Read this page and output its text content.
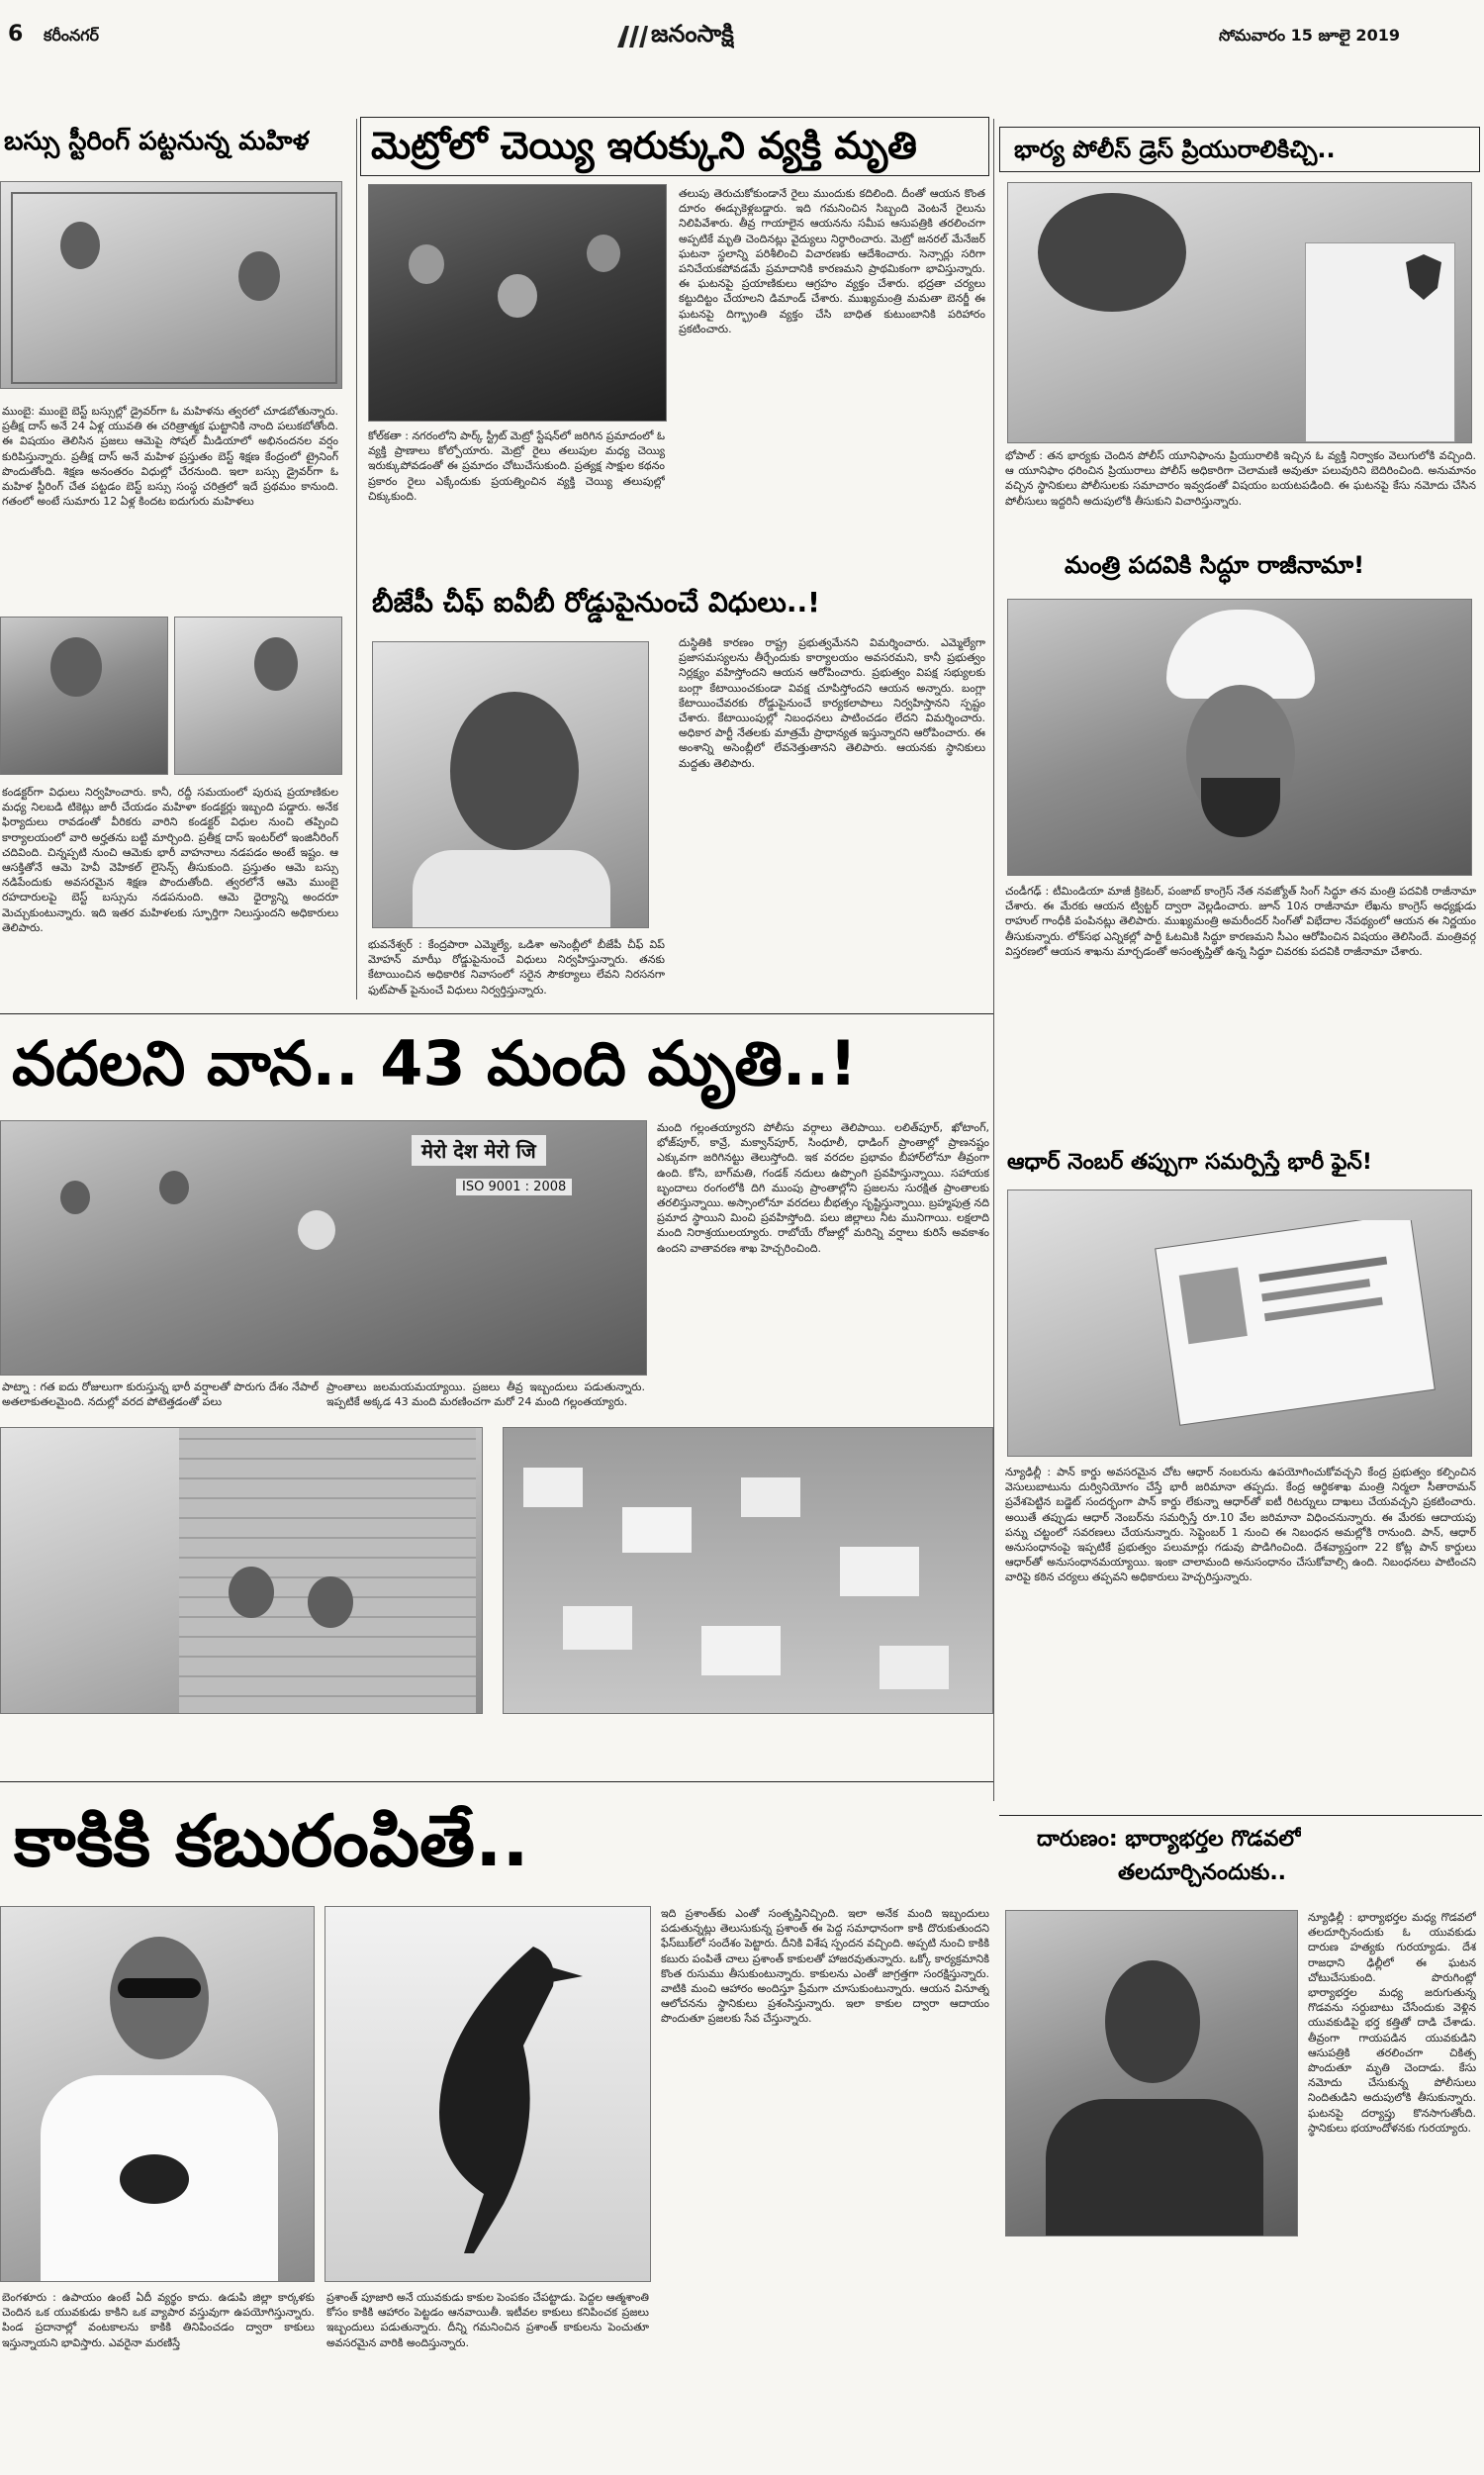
6 కరీంనగర్	జనంసాక్షి	సోమవారం 15 జూలై 2019
బస్సు స్టీరింగ్ పట్టనున్న మహిళ
ముంబై: ముంబై బెస్ట్ బస్సుల్లో డ్రైవర్‌గా ఓ మహిళను త్వరలో చూడబోతున్నారు. ప్రతీక్ష దాస్ అనే 24 ఏళ్ల యువతి ఈ చరిత్రాత్మక ఘట్టానికి నాంది పలుకబోతోంది. ఈ విషయం తెలిసిన ప్రజలు ఆమెపై సోషల్ మీడియాలో అభినందనల వర్షం కురిపిస్తున్నారు. ప్రతీక్ష దాస్ అనే మహిళ ప్రస్తుతం బెస్ట్ శిక్షణ కేంద్రంలో ట్రైనింగ్ పొందుతోంది. శిక్షణ అనంతరం విధుల్లో చేరనుంది. ఇలా బస్సు డ్రైవర్‌గా ఓ మహిళ స్టీరింగ్ చేత పట్టడం బెస్ట్ బస్సు సంస్థ చరిత్రలో ఇదే ప్రథమం కానుంది. గతంలో అంటే సుమారు 12 ఏళ్ల కిందట ఐదుగురు మహిళలు
కండక్టర్‌గా విధులు నిర్వహించారు. కానీ, రద్దీ సమయంలో పురుష ప్రయాణికుల మధ్య నిలబడి టికెట్లు జారీ చేయడం మహిళా కండక్టర్లు ఇబ్బంది పడ్డారు. అనేక ఫిర్యాదులు రావడంతో వీరికరు వారిని కండక్టర్ విధుల నుంచి తప్పించి కార్యాలయంలో వారి అర్హతను బట్టి మార్చింది. ప్రతీక్ష దాస్ ఇంటర్‌లో ఇంజినీరింగ్ చదివింది. చిన్నప్పటి నుంచి ఆమెకు భారీ వాహనాలు నడపడం అంటే ఇష్టం. ఆ ఆసక్తితోనే ఆమె హెవీ వెహికల్ లైసెన్స్ తీసుకుంది. ప్రస్తుతం ఆమె బస్సు నడిపేందుకు అవసరమైన శిక్షణ పొందుతోంది. త్వరలోనే ఆమె ముంబై రహదారులపై బెస్ట్ బస్సును నడపనుంది. ఆమె ధైర్యాన్ని అందరూ మెచ్చుకుంటున్నారు. ఇది ఇతర మహిళలకు స్ఫూర్తిగా నిలుస్తుందని అధికారులు తెలిపారు.
మెట్రోలో చెయ్యి ఇరుక్కుని వ్యక్తి మృతి
కోల్‌కతా : నగరంలోని పార్క్ స్ట్రీట్ మెట్రో స్టేషన్‌లో జరిగిన ప్రమాదంలో ఓ వ్యక్తి ప్రాణాలు కోల్పోయారు. మెట్రో రైలు తలుపుల మధ్య చెయ్యి ఇరుక్కుపోవడంతో ఈ ప్రమాదం చోటుచేసుకుంది. ప్రత్యక్ష సాక్షుల కథనం ప్రకారం రైలు ఎక్కేందుకు ప్రయత్నించిన వ్యక్తి చెయ్యి తలుపుల్లో చిక్కుకుంది.
తలుపు తెరుచుకోకుండానే రైలు ముందుకు కదిలింది. దీంతో ఆయన కొంత దూరం ఈడ్చుకెళ్లబడ్డారు. ఇది గమనించిన సిబ్బంది వెంటనే రైలును నిలిపివేశారు. తీవ్ర గాయాలైన ఆయనను సమీప ఆసుపత్రికి తరలించగా అప్పటికే మృతి చెందినట్లు వైద్యులు నిర్ధారించారు. మెట్రో జనరల్ మేనేజర్ ఘటనా స్థలాన్ని పరిశీలించి విచారణకు ఆదేశించారు. సెన్సార్లు సరిగా పనిచేయకపోవడమే ప్రమాదానికి కారణమని ప్రాథమికంగా భావిస్తున్నారు. ఈ ఘటనపై ప్రయాణికులు ఆగ్రహం వ్యక్తం చేశారు. భద్రతా చర్యలు కట్టుదిట్టం చేయాలని డిమాండ్ చేశారు. ముఖ్యమంత్రి మమతా బెనర్జీ ఈ ఘటనపై దిగ్భ్రాంతి వ్యక్తం చేసి బాధిత కుటుంబానికి పరిహారం ప్రకటించారు.
బీజేపీ చీఫ్ ఐవీబీ రోడ్డుపైనుంచే విధులు..!
భువనేశ్వర్ : కేంద్రపారా ఎమ్మెల్యే, ఒడిశా అసెంబ్లీలో బీజేపీ చీఫ్ విప్ మోహన్ మాఝీ రోడ్డుపైనుంచే విధులు నిర్వహిస్తున్నారు. తనకు కేటాయించిన అధికారిక నివాసంలో సరైన సౌకర్యాలు లేవని నిరసనగా ఫుట్‌పాత్ పైనుంచే విధులు నిర్వర్తిస్తున్నారు.
దుస్థితికి కారణం రాష్ట్ర ప్రభుత్వమేనని విమర్శించారు. ఎమ్మెల్యేగా ప్రజాసమస్యలను తీర్చేందుకు కార్యాలయం అవసరమని, కానీ ప్రభుత్వం నిర్లక్ష్యం వహిస్తోందని ఆయన ఆరోపించారు. ప్రభుత్వం విపక్ష సభ్యులకు బంగ్లా కేటాయించకుండా వివక్ష చూపిస్తోందని ఆయన అన్నారు. బంగ్లా కేటాయించేవరకు రోడ్డుపైనుంచే కార్యకలాపాలు నిర్వహిస్తానని స్పష్టం చేశారు. కేటాయింపుల్లో నిబంధనలు పాటించడం లేదని విమర్శించారు. అధికార పార్టీ నేతలకు మాత్రమే ప్రాధాన్యత ఇస్తున్నారని ఆరోపించారు. ఈ అంశాన్ని అసెంబ్లీలో లేవనెత్తుతానని తెలిపారు. ఆయనకు స్థానికులు మద్దతు తెలిపారు.
భార్య పోలీస్ డ్రెస్ ప్రియురాలికిచ్చి..
భోపాల్ : తన భార్యకు చెందిన పోలీస్ యూనిఫాంను ప్రియురాలికి ఇచ్చిన ఓ వ్యక్తి నిర్వాకం వెలుగులోకి వచ్చింది. ఆ యూనిఫాం ధరించిన ప్రియురాలు పోలీస్ అధికారిగా చెలామణి అవుతూ పలువురిని బెదిరించింది. అనుమానం వచ్చిన స్థానికులు పోలీసులకు సమాచారం ఇవ్వడంతో విషయం బయటపడింది. ఈ ఘటనపై కేసు నమోదు చేసిన పోలీసులు ఇద్దరినీ అదుపులోకి తీసుకుని విచారిస్తున్నారు.
మంత్రి పదవికి సిద్ధూ రాజీనామా!
చండీగఢ్ : టీమిండియా మాజీ క్రికెటర్, పంజాబ్ కాంగ్రెస్ నేత నవజ్యోత్ సింగ్ సిద్ధూ తన మంత్రి పదవికి రాజీనామా చేశారు. ఈ మేరకు ఆయన ట్విట్టర్ ద్వారా వెల్లడించారు. జూన్ 10న రాజీనామా లేఖను కాంగ్రెస్ అధ్యక్షుడు రాహుల్ గాంధీకి పంపినట్లు తెలిపారు. ముఖ్యమంత్రి అమరీందర్ సింగ్‌తో విభేదాల నేపథ్యంలో ఆయన ఈ నిర్ణయం తీసుకున్నారు. లోక్‌సభ ఎన్నికల్లో పార్టీ ఓటమికి సిద్ధూ కారణమని సీఎం ఆరోపించిన విషయం తెలిసిందే. మంత్రివర్గ విస్తరణలో ఆయన శాఖను మార్చడంతో అసంతృప్తితో ఉన్న సిద్ధూ చివరకు పదవికి రాజీనామా చేశారు.
వదలని వాన.. 43 మంది మృతి..!
मेरो देश मेरो जि
ISO 9001 : 2008
పాట్నా : గత ఐదు రోజులుగా కురుస్తున్న భారీ వర్షాలతో పొరుగు దేశం నేపాల్ అతలాకుతలమైంది. నదుల్లో వరద పోటెత్తడంతో పలు
ప్రాంతాలు జలమయమయ్యాయి. ప్రజలు తీవ్ర ఇబ్బందులు పడుతున్నారు. ఇప్పటికే అక్కడ 43 మంది మరణించగా మరో 24 మంది గల్లంతయ్యారు.
మంది గల్లంతయ్యారని పోలీసు వర్గాలు తెలిపాయి. లలిత్‌పూర్, ఖోటాంగ్, భోజ్‌పూర్, కావ్రే, మక్వాన్‌పూర్, సింధూలీ, ధాడింగ్ ప్రాంతాల్లో ప్రాణనష్టం ఎక్కువగా జరిగినట్టు తెలుస్తోంది. ఇక వరదల ప్రభావం బీహార్‌లోనూ తీవ్రంగా ఉంది. కోసి, బాగ్‌మతి, గండక్ నదులు ఉప్పొంగి ప్రవహిస్తున్నాయి. సహాయక బృందాలు రంగంలోకి దిగి ముంపు ప్రాంతాల్లోని ప్రజలను సురక్షిత ప్రాంతాలకు తరలిస్తున్నాయి. అస్సాంలోనూ వరదలు బీభత్సం సృష్టిస్తున్నాయి. బ్రహ్మపుత్ర నది ప్రమాద స్థాయిని మించి ప్రవహిస్తోంది. పలు జిల్లాలు నీట మునిగాయి. లక్షలాది మంది నిరాశ్రయులయ్యారు. రాబోయే రోజుల్లో మరిన్ని వర్షాలు కురిసే అవకాశం ఉందని వాతావరణ శాఖ హెచ్చరించింది.
ఆధార్ నెంబర్ తప్పుగా సమర్పిస్తే భారీ ఫైన్!
న్యూఢిల్లీ : పాన్ కార్డు అవసరమైన చోట ఆధార్ నంబరును ఉపయోగించుకోవచ్చని కేంద్ర ప్రభుత్వం కల్పించిన వెసులుబాటును దుర్వినియోగం చేస్తే భారీ జరిమానా తప్పదు. కేంద్ర ఆర్థికశాఖ మంత్రి నిర్మలా సీతారామన్ ప్రవేశపెట్టిన బడ్జెట్ సందర్భంగా పాన్ కార్డు లేకున్నా ఆధార్‌తో ఐటీ రిటర్నులు దాఖలు చేయవచ్చని ప్రకటించారు. అయితే తప్పుడు ఆధార్ నెంబర్‌ను సమర్పిస్తే రూ.10 వేల జరిమానా విధించనున్నారు. ఈ మేరకు ఆదాయపు పన్ను చట్టంలో సవరణలు చేయనున్నారు. సెప్టెంబర్ 1 నుంచి ఈ నిబంధన అమల్లోకి రానుంది. పాన్, ఆధార్ అనుసంధానంపై ఇప్పటికే ప్రభుత్వం పలుమార్లు గడువు పొడిగించింది. దేశవ్యాప్తంగా 22 కోట్ల పాన్ కార్డులు ఆధార్‌తో అనుసంధానమయ్యాయి. ఇంకా చాలామంది అనుసంధానం చేసుకోవాల్సి ఉంది. నిబంధనలు పాటించని వారిపై కఠిన చర్యలు తప్పవని అధికారులు హెచ్చరిస్తున్నారు.
కాకికి కబురంపితే..
బెంగళూరు : ఉపాయం ఉంటే ఏదీ వ్యర్థం కాదు. ఉడుపి జిల్లా కార్కళకు చెందిన ఒక యువకుడు కాకిని ఒక వ్యాపార వస్తువుగా ఉపయోగిస్తున్నారు. పిండ ప్రదానాల్లో వంటకాలను కాకికి తినిపించడం ద్వారా కాకులు ఇస్తున్నాయని భావిస్తారు. ఎవరైనా మరణిస్తే
ప్రశాంత్ పూజారి అనే యువకుడు కాకుల పెంపకం చేపట్టాడు. పెద్దల ఆత్మశాంతి కోసం కాకికి ఆహారం పెట్టడం ఆనవాయితీ. ఇటీవల కాకులు కనిపించక ప్రజలు ఇబ్బందులు పడుతున్నారు. దీన్ని గమనించిన ప్రశాంత్ కాకులను పెంచుతూ అవసరమైన వారికి అందిస్తున్నారు.
ఇది ప్రశాంత్‌కు ఎంతో సంతృప్తినిచ్చింది. ఇలా అనేక మంది ఇబ్బందులు పడుతున్నట్లు తెలుసుకున్న ప్రశాంత్ ఈ పెద్ద సమాధానంగా కాకి దొరుకుతుందని ఫేస్‌బుక్‌లో సందేశం పెట్టారు. దీనికి విశేష స్పందన వచ్చింది. అప్పటి నుంచి కాకికి కబురు పంపితే చాలు ప్రశాంత్ కాకులతో హాజరవుతున్నారు. ఒక్కో కార్యక్రమానికి కొంత రుసుము తీసుకుంటున్నారు. కాకులను ఎంతో జాగ్రత్తగా సంరక్షిస్తున్నారు. వాటికి మంచి ఆహారం అందిస్తూ ప్రేమగా చూసుకుంటున్నారు. ఆయన వినూత్న ఆలోచనను స్థానికులు ప్రశంసిస్తున్నారు. ఇలా కాకుల ద్వారా ఆదాయం పొందుతూ ప్రజలకు సేవ చేస్తున్నారు.
దారుణం: భార్యాభర్తల గొడవలో
తలదూర్చినందుకు..
న్యూఢిల్లీ : భార్యాభర్తల మధ్య గొడవలో తలదూర్చినందుకు ఓ యువకుడు దారుణ హత్యకు గురయ్యాడు. దేశ రాజధాని ఢిల్లీలో ఈ ఘటన చోటుచేసుకుంది. పొరుగింట్లో భార్యాభర్తల మధ్య జరుగుతున్న గొడవను సర్దుబాటు చేసేందుకు వెళ్లిన యువకుడిపై భర్త కత్తితో దాడి చేశాడు. తీవ్రంగా గాయపడిన యువకుడిని ఆసుపత్రికి తరలించగా చికిత్స పొందుతూ మృతి చెందాడు. కేసు నమోదు చేసుకున్న పోలీసులు నిందితుడిని అదుపులోకి తీసుకున్నారు. ఘటనపై దర్యాప్తు కొనసాగుతోంది. స్థానికులు భయాందోళనకు గురయ్యారు.
